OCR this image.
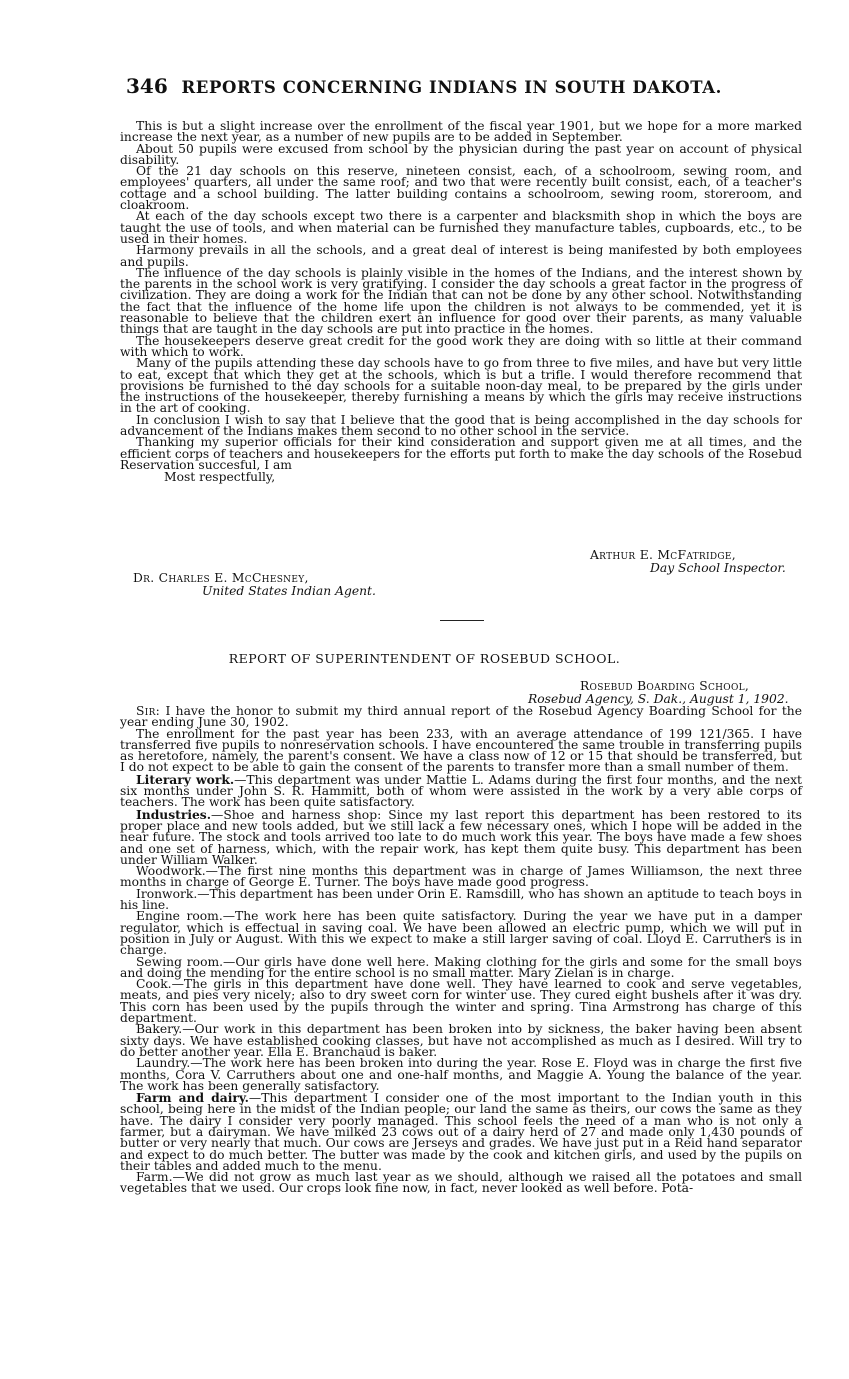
346 REPORTS CONCERNING INDIANS IN SOUTH DAKOTA.

This is but a slight increase over the enrollment of the fiscal year 1901, but we hope for a more marked increase the next year, as a number of new pupils are to be added in September.

About 50 pupils were excused from school by the physician during the past year on account of physical disability.

Of the 21 day schools on this reserve, nineteen consist, each, of a schoolroom, sewing room, and employees' quarters, all under the same roof; and two that were recently built consist, each, of a teacher's cottage and a school building. The latter building contains a schoolroom, sewing room, storeroom, and cloakroom.

At each of the day schools except two there is a carpenter and blacksmith shop in which the boys are taught the use of tools, and when material can be furnished they manufacture tables, cupboards, etc., to be used in their homes.

Harmony prevails in all the schools, and a great deal of interest is being manifested by both employees and pupils.

The influence of the day schools is plainly visible in the homes of the Indians, and the interest shown by the parents in the school work is very gratifying. I consider the day schools a great factor in the progress of civilization. They are doing a work for the Indian that can not be done by any other school. Notwithstanding the fact that the influence of the home life upon the children is not always to be commended, yet it is reasonable to believe that the children exert an influence for good over their parents, as many valuable things that are taught in the day schools are put into practice in the homes.

The housekeepers deserve great credit for the good work they are doing with so little at their command with which to work.

Many of the pupils attending these day schools have to go from three to five miles, and have but very little to eat, except that which they get at the schools, which is but a trifle. I would therefore recommend that provisions be furnished to the day schools for a suitable noon-day meal, to be prepared by the girls under the instructions of the housekeeper, thereby furnishing a means by which the girls may receive instructions in the art of cooking.

In conclusion I wish to say that I believe that the good that is being accomplished in the day schools for advancement of the Indians makes them second to no other school in the service.

Thanking my superior officials for their kind consideration and support given me at all times, and the efficient corps of teachers and housekeepers for the efforts put forth to make the day schools of the Rosebud Reservation succesful, I am

Most respectfully,

Arthur E. McFatridge,
Day School Inspector.
Dr. Charles E. McChesney,
United States Indian Agent.
REPORT OF SUPERINTENDENT OF ROSEBUD SCHOOL.
Rosebud Boarding School,
Rosebud Agency, S. Dak., August 1, 1902.

Sir: I have the honor to submit my third annual report of the Rosebud Agency Boarding School for the year ending June 30, 1902.

The enrollment for the past year has been 233, with an average attendance of 199 121/365. I have transferred five pupils to nonreservation schools. I have encountered the same trouble in transferring pupils as heretofore, namely, the parent's consent. We have a class now of 12 or 15 that should be transferred, but I do not expect to be able to gain the consent of the parents to transfer more than a small number of them.

Literary work.—This department was under Mattie L. Adams during the first four months, and the next six months under John S. R. Hammitt, both of whom were assisted in the work by a very able corps of teachers. The work has been quite satisfactory.

Industries.—Shoe and harness shop: Since my last report this department has been restored to its proper place and new tools added, but we still lack a few necessary ones, which I hope will be added in the near future. The stock and tools arrived too late to do much work this year. The boys have made a few shoes and one set of harness, which, with the repair work, has kept them quite busy. This department has been under William Walker.

Woodwork.—The first nine months this department was in charge of James Williamson, the next three months in charge of George E. Turner. The boys have made good progress.

Ironwork.—This department has been under Orin E. Ramsdill, who has shown an aptitude to teach boys in his line.

Engine room.—The work here has been quite satisfactory. During the year we have put in a damper regulator, which is effectual in saving coal. We have been allowed an electric pump, which we will put in position in July or August. With this we expect to make a still larger saving of coal. Lloyd E. Carruthers is in charge.

Sewing room.—Our girls have done well here. Making clothing for the girls and some for the small boys and doing the mending for the entire school is no small matter. Mary Zielan is in charge.

Cook.—The girls in this department have done well. They have learned to cook and serve vegetables, meats, and pies very nicely; also to dry sweet corn for winter use. They cured eight bushels after it was dry. This corn has been used by the pupils through the winter and spring. Tina Armstrong has charge of this department.

Bakery.—Our work in this department has been broken into by sickness, the baker having been absent sixty days. We have established cooking classes, but have not accomplished as much as I desired. Will try to do better another year. Ella E. Branchaud is baker.

Laundry.—The work here has been broken into during the year. Rose E. Floyd was in charge the first five months, Cora V. Carruthers about one and one-half months, and Maggie A. Young the balance of the year. The work has been generally satisfactory.

Farm and dairy.—This department I consider one of the most important to the Indian youth in this school, being here in the midst of the Indian people; our land the same as theirs, our cows the same as they have. The dairy I consider very poorly managed. This school feels the need of a man who is not only a farmer, but a dairyman. We have milked 23 cows out of a dairy herd of 27 and made only 1,430 pounds of butter or very nearly that much. Our cows are Jerseys and grades. We have just put in a Reid hand separator and expect to do much better. The butter was made by the cook and kitchen girls, and used by the pupils on their tables and added much to the menu.

Farm.—We did not grow as much last year as we should, although we raised all the potatoes and small vegetables that we used. Our crops look fine now, in fact, never looked as well before. Pota-
